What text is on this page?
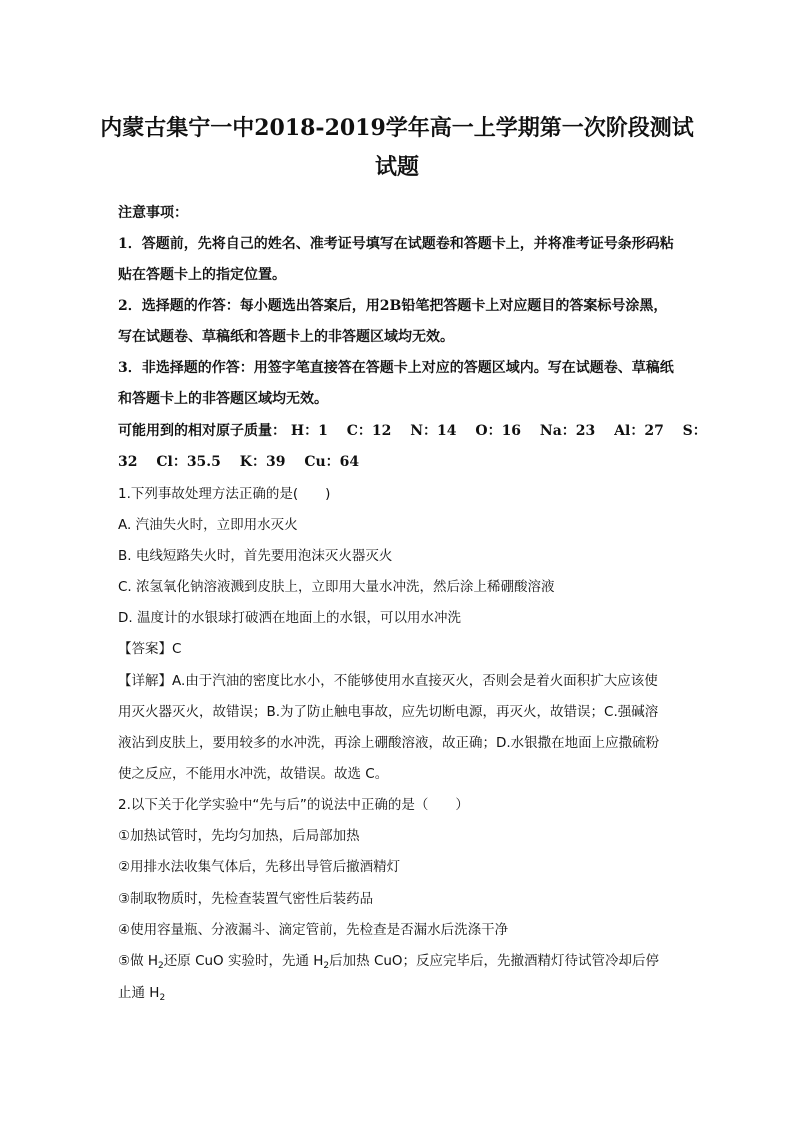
内蒙古集宁一中2018-2019学年高一上学期第一次阶段测试
试题
注意事项：
1．答题前，先将自己的姓名、准考证号填写在试题卷和答题卡上，并将准考证号条形码粘
贴在答题卡上的指定位置。
2．选择题的作答：每小题选出答案后，用2B铅笔把答题卡上对应题目的答案标号涂黑，
写在试题卷、草稿纸和答题卡上的非答题区域均无效。
3．非选择题的作答：用签字笔直接答在答题卡上对应的答题区域内。写在试题卷、草稿纸
和答题卡上的非答题区域均无效。
可能用到的相对原子质量： H：1　 C：12　 N：14　 O：16　 Na：23　 Al：27　 S：
32　 Cl：35.5　 K：39　 Cu：64
1.下列事故处理方法正确的是(　　)
A. 汽油失火时，立即用水灭火
B. 电线短路失火时，首先要用泡沫灭火器灭火
C. 浓氢氧化钠溶液溅到皮肤上，立即用大量水冲洗，然后涂上稀硼酸溶液
D. 温度计的水银球打破洒在地面上的水银，可以用水冲洗
【答案】C
【详解】A.由于汽油的密度比水小，不能够使用水直接灭火，否则会是着火面积扩大应该使
用灭火器灭火，故错误；B.为了防止触电事故，应先切断电源，再灭火，故错误；C.强碱溶
液沾到皮肤上，要用较多的水冲洗，再涂上硼酸溶液，故正确；D.水银撒在地面上应撒硫粉
使之反应，不能用水冲洗，故错误。故选 C。
2.以下关于化学实验中“先与后”的说法中正确的是（　　）
①加热试管时，先均匀加热，后局部加热
②用排水法收集气体后，先移出导管后撤酒精灯
③制取物质时，先检查装置气密性后装药品
④使用容量瓶、分液漏斗、滴定管前，先检查是否漏水后洗涤干净
⑤做 $H_2$还原 CuO 实验时，先通 $H_2$后加热 CuO；反应完毕后，先撤酒精灯待试管冷却后停
止通 $H_2$
